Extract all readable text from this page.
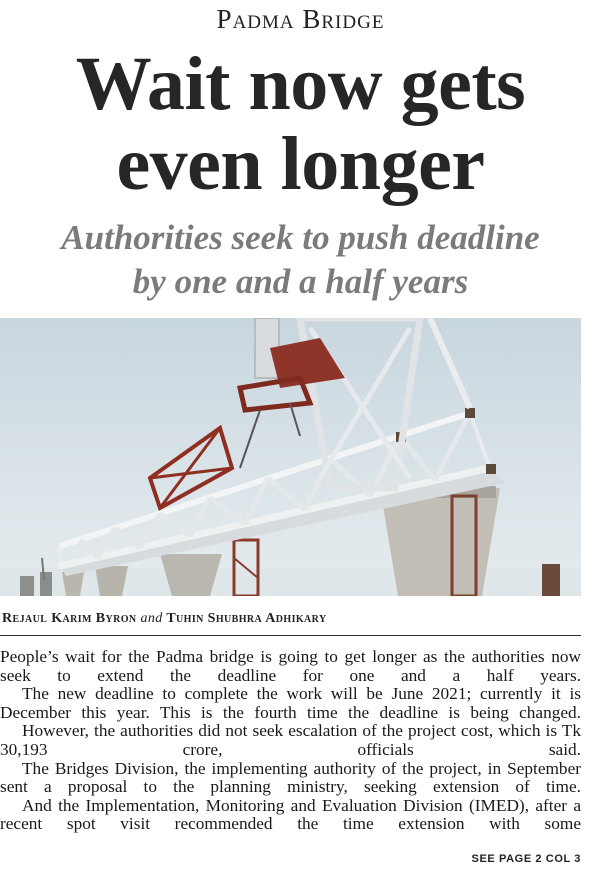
Padma Bridge
Wait now gets
even longer
Authorities seek to push deadline
by one and a half years
Rejaul Karim Byron and Tuhin Shubhra Adhikary

People’s wait for the Padma bridge is going to get longer as the authorities now seek to extend the deadline for one and a half years.

The new deadline to complete the work will be June 2021; currently it is December this year. This is the fourth time the deadline is being changed.

However, the authorities did not seek escalation of the project cost, which is Tk 30,193 crore, officials said.

The Bridges Division, the implementing authority of the project, in September sent a proposal to the planning ministry, seeking extension of time.

And the Implementation, Monitoring and Evaluation Division (IMED), after a recent spot visit recommended the time extension with some

SEE PAGE 2 COL 3
